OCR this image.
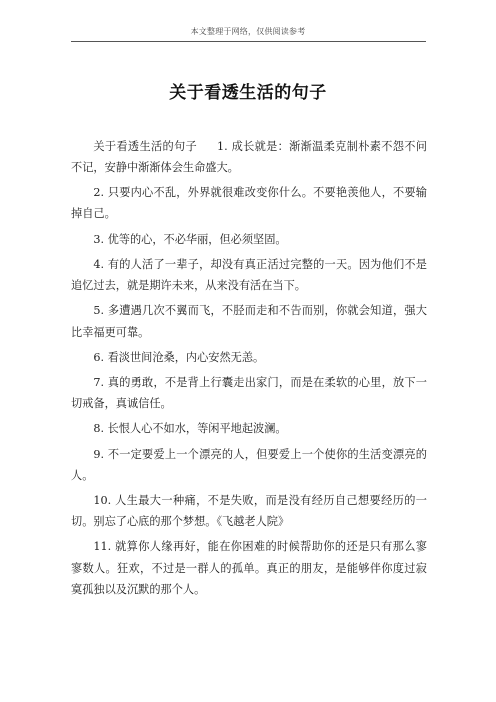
本文整理于网络，仅供阅读参考
关于看透生活的句子

关于看透生活的句子 1. 成长就是：渐渐温柔克制朴素不怨不问不记，安静中渐渐体会生命盛大。

2. 只要内心不乱，外界就很难改变你什么。不要艳羡他人，不要输掉自己。

3. 优等的心，不必华丽，但必须坚固。

4. 有的人活了一辈子，却没有真正活过完整的一天。因为他们不是追忆过去，就是期许未来，从来没有活在当下。

5. 多遭遇几次不翼而飞，不胫而走和不告而别，你就会知道，强大比幸福更可靠。

6. 看淡世间沧桑，内心安然无恙。

7. 真的勇敢，不是背上行囊走出家门，而是在柔软的心里，放下一切戒备，真诚信任。

8. 长恨人心不如水，等闲平地起波澜。

9. 不一定要爱上一个漂亮的人，但要爱上一个使你的生活变漂亮的人。

10. 人生最大一种痛，不是失败，而是没有经历自己想要经历的一切。别忘了心底的那个梦想。《飞越老人院》

11. 就算你人缘再好，能在你困难的时候帮助你的还是只有那么寥寥数人。狂欢，不过是一群人的孤单。真正的朋友，是能够伴你度过寂寞孤独以及沉默的那个人。
